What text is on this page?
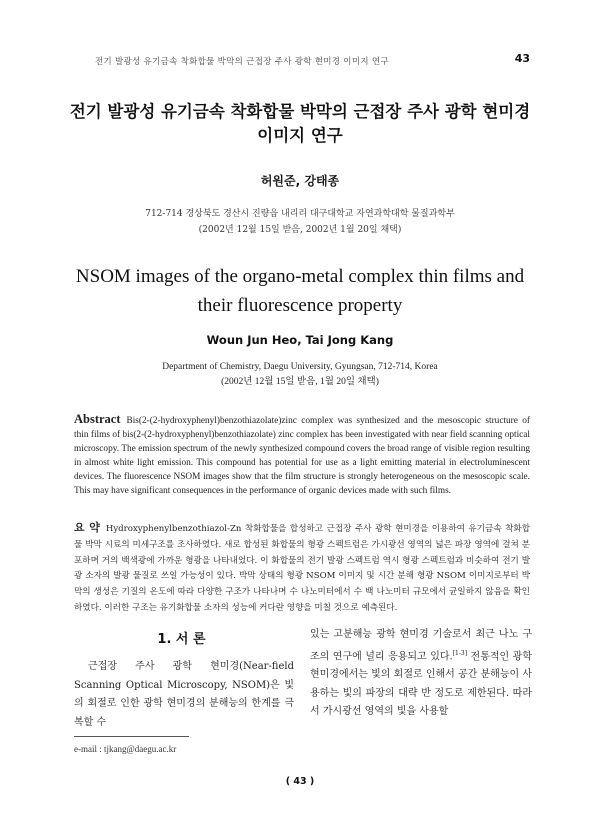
전기 발광성 유기금속 착화합물 박막의 근접장 주사 광학 현미경 이미지 연구	43
전기 발광성 유기금속 착화합물 박막의 근접장 주사 광학 현미경
이미지 연구
허원준, 강태종
712-714 경상북도 경산시 진량읍 내리리 대구대학교 자연과학대학 물질과학부
(2002년 12월 15일 받음, 2002년 1월 20일 채택)
NSOM images of the organo-metal complex thin films and
their fluorescence property
Woun Jun Heo, Tai Jong Kang
Department of Chemistry, Daegu University, Gyungsan, 712-714, Korea
(2002년 12월 15일 받음, 1월 20일 채택)
Abstract Bis(2-(2-hydroxyphenyl)benzothiazolate)zinc complex was synthesized and the mesoscopic structure of thin films of bis(2-(2-hydroxyphenyl)benzothiazolate) zinc complex has been investigated with near field scanning optical microscopy. The emission spectrum of the newly synthesized compound covers the broad range of visible region resulting in almost white light emission. This compound has potential for use as a light emitting material in electroluminescent devices. The fluorescence NSOM images show that the film structure is strongly heterogeneous on the mesoscopic scale. This may have significant consequences in the performance of organic devices made with such films.
요 약 Hydroxyphenylbenzothiazol-Zn 착화합물을 합성하고 근접장 주사 광학 현미경을 이용하여 유기금속 착화합물 박막 시료의 미세구조를 조사하였다. 새로 합성된 화합물의 형광 스펙트럼은 가시광선 영역의 넓은 파장 영역에 걸쳐 분포하며 거의 백색광에 가까운 형광을 나타내었다. 이 화합물의 전기 발광 스펙트럼 역시 형광 스펙트럼과 비슷하여 전기 발광 소자의 발광 물질로 쓰일 가능성이 있다. 박막 상태의 형광 NSOM 이미지 및 시간 분해 형광 NSOM 이미지로부터 박막의 생성은 기질의 온도에 따라 다양한 구조가 나타나며 수 나노미터에서 수 백 나노미터 규모에서 균일하지 않음을 확인하였다. 이러한 구조는 유기화합물 소자의 성능에 커다란 영향을 미칠 것으로 예측된다.
1. 서 론
근접장 주사 광학 현미경(Near-field Scanning Optical Microscopy, NSOM)은 빛의 회절로 인한 광학 현미경의 분해능의 한계를 극복할 수
있는 고분해능 광학 현미경 기술로서 최근 나노 구조의 연구에 널리 응용되고 있다.[1-3] 전통적인 광학 현미경에서는 빛의 회절로 인해서 공간 분해능이 사용하는 빛의 파장의 대략 반 정도로 제한된다. 따라서 가시광선 영역의 빛을 사용할
e-mail : tjkang@daegu.ac.kr
( 43 )
